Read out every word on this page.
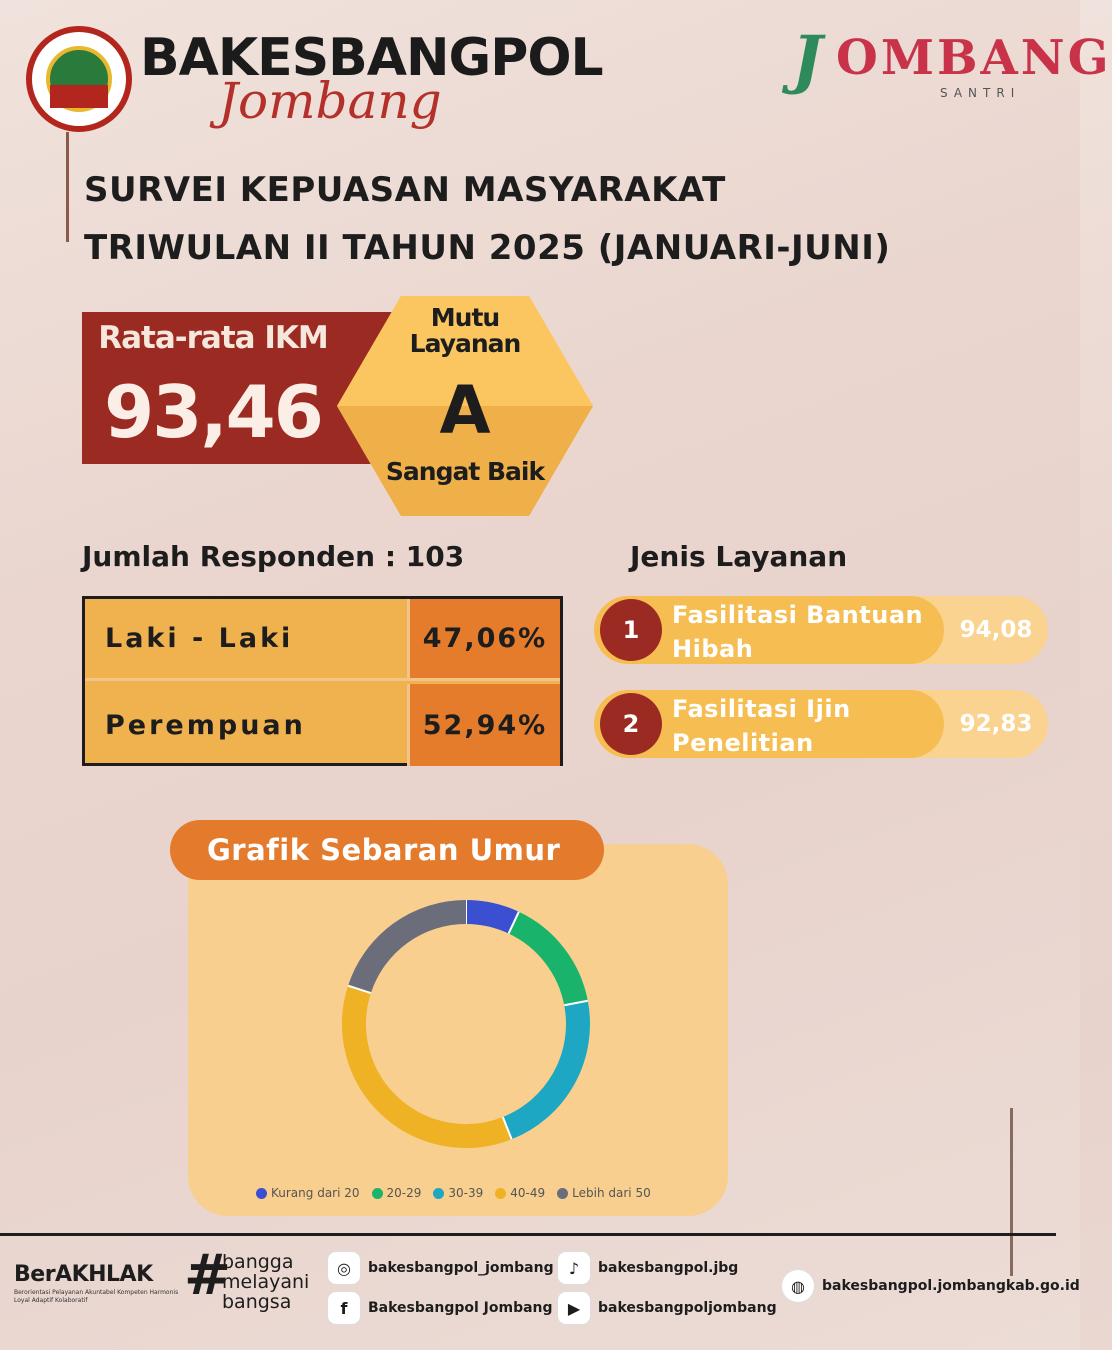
BAKESBANGPOL
Jombang
J OMBANG
SANTRI
SURVEI KEPUASAN MASYARAKAT
TRIWULAN II TAHUN 2025 (JANUARI-JUNI)
Rata-rata IKM
93,46
Mutu
Layanan
A
Sangat Baik
Jumlah Responden : 103
Laki - Laki	47,06%
Perempuan	52,94%
Jenis Layanan
1
Fasilitasi Bantuan Hibah
94,08
2
Fasilitasi Ijin Penelitian
92,83
Grafik Sebaran Umur
Kurang dari 20 20-29 30-39 40-49 Lebih dari 50
BerAKHLAK
Berorientasi Pelayanan Akuntabel Kompeten Harmonis Loyal Adaptif Kolaboratif	#
bangga
melayani
bangsa
◎	bakesbangpol_jombang
f	Bakesbangpol Jombang
♪	bakesbangpol.jbg
▶	bakesbangpoljombang
◍	bakesbangpol.jombangkab.go.id
